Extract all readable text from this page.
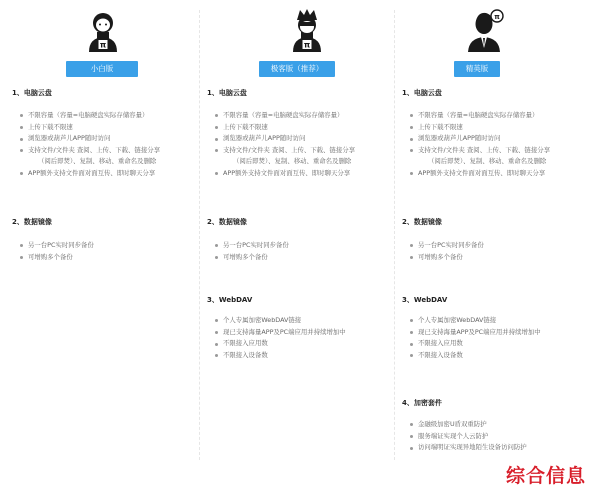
π
小白版
1、电脑云盘
不限容量（容量=电脑硬盘实际存储容量）
上传下载不限速
浏览器或葫芦儿APP随时访问
支持文件/文件夹 查阅、上传、下载、链接分享
（阅后即焚）、复制、移动、重命名及删除
APP额外支持文件面对面互传、即时聊天分享
2、数据镜像
另一台PC实时同步备份
可增购多个备份
π
极客版（推荐）
1、电脑云盘
不限容量（容量=电脑硬盘实际存储容量）
上传下载不限速
浏览器或葫芦儿APP随时访问
支持文件/文件夹 查阅、上传、下载、链接分享
（阅后即焚）、复制、移动、重命名及删除
APP额外支持文件面对面互传、即时聊天分享
2、数据镜像
另一台PC实时同步备份
可增购多个备份
3、WebDAV
个人专属加密WebDAV链接
现已支持海量APP及PC端应用并持续增加中
不限接入应用数
不限接入设备数
π
精英版
1、电脑云盘
不限容量（容量=电脑硬盘实际存储容量）
上传下载不限速
浏览器或葫芦儿APP随时访问
支持文件/文件夹 查阅、上传、下载、链接分享
（阅后即焚）、复制、移动、重命名及删除
APP额外支持文件面对面互传、即时聊天分享
2、数据镜像
另一台PC实时同步备份
可增购多个备份
3、WebDAV
个人专属加密WebDAV链接
现已支持海量APP及PC端应用并持续增加中
不限接入应用数
不限接入设备数
4、加密套件
金融级加密U盾双重防护
服务端证实现个人云防护
访问端明证实现异地陌生设备访问防护
综合信息
